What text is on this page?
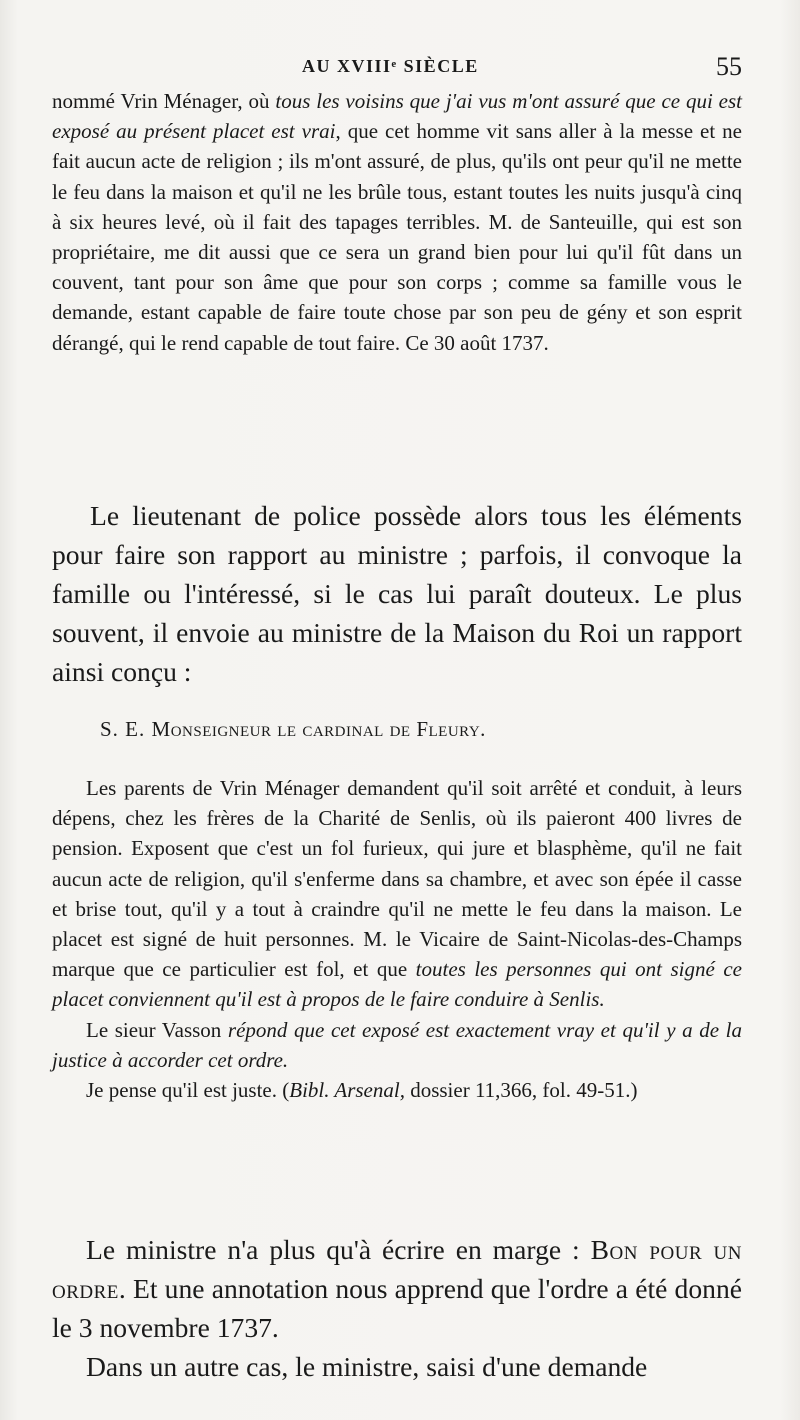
AU XVIIIᵉ SIÈCLE	55

nommé Vrin Ménager, où tous les voisins que j'ai vus m'ont assuré que ce qui est exposé au présent placet est vrai, que cet homme vit sans aller à la messe et ne fait aucun acte de religion ; ils m'ont assuré, de plus, qu'ils ont peur qu'il ne mette le feu dans la maison et qu'il ne les brûle tous, estant toutes les nuits jusqu'à cinq à six heures levé, où il fait des tapages terribles. M. de Santeuille, qui est son propriétaire, me dit aussi que ce sera un grand bien pour lui qu'il fût dans un couvent, tant pour son âme que pour son corps ; comme sa famille vous le demande, estant capable de faire toute chose par son peu de gény et son esprit dérangé, qui le rend capable de tout faire. Ce 30 août 1737.

Le lieutenant de police possède alors tous les éléments pour faire son rapport au ministre ; parfois, il convoque la famille ou l'intéressé, si le cas lui paraît douteux. Le plus souvent, il envoie au ministre de la Maison du Roi un rapport ainsi conçu :

S. E. Monseigneur le cardinal de Fleury.

Les parents de Vrin Ménager demandent qu'il soit arrêté et conduit, à leurs dépens, chez les frères de la Charité de Senlis, où ils paieront 400 livres de pension. Exposent que c'est un fol furieux, qui jure et blasphème, qu'il ne fait aucun acte de religion, qu'il s'enferme dans sa chambre, et avec son épée il casse et brise tout, qu'il y a tout à craindre qu'il ne mette le feu dans la maison. Le placet est signé de huit personnes. M. le Vicaire de Saint-Nicolas-des-Champs marque que ce particulier est fol, et que toutes les personnes qui ont signé ce placet conviennent qu'il est à propos de le faire conduire à Senlis.

Le sieur Vasson répond que cet exposé est exactement vray et qu'il y a de la justice à accorder cet ordre.

Je pense qu'il est juste. (Bibl. Arsenal, dossier 11,366, fol. 49-51.)

Le ministre n'a plus qu'à écrire en marge : Bon pour un ordre. Et une annotation nous apprend que l'ordre a été donné le 3 novembre 1737.

Dans un autre cas, le ministre, saisi d'une demande
